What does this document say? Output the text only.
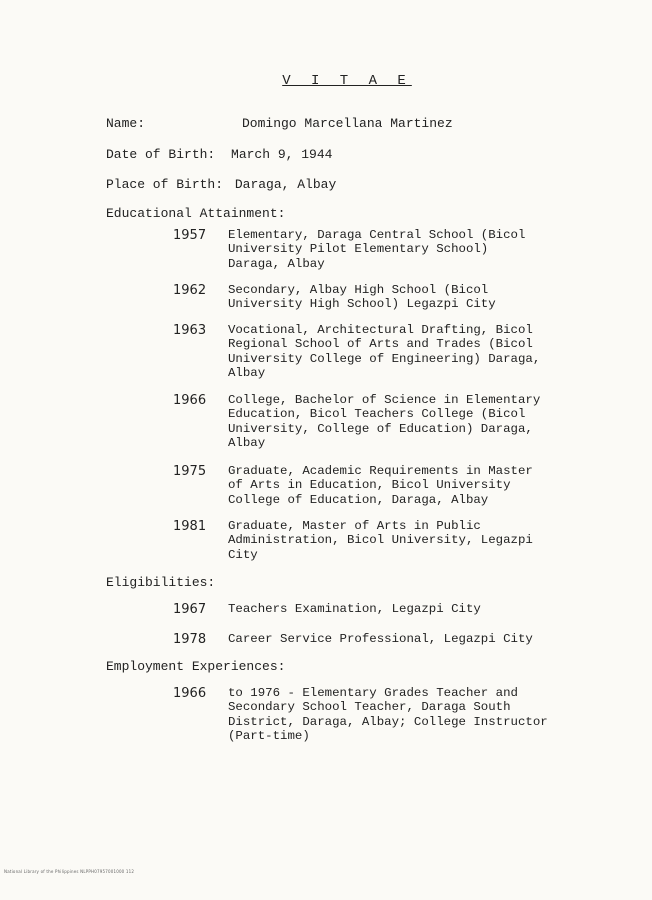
V I T A E
Name:	Domingo Marcellana Martinez
Date of Birth: March 9, 1944
Place of Birth: Daraga, Albay
Educational Attainment:
1957 Elementary, Daraga Central School (Bicol
University Pilot Elementary School)
Daraga, Albay
1962 Secondary, Albay High School (Bicol
University High School) Legazpi City
1963 Vocational, Architectural Drafting, Bicol
Regional School of Arts and Trades (Bicol
University College of Engineering) Daraga,
Albay
1966 College, Bachelor of Science in Elementary
Education, Bicol Teachers College (Bicol
University, College of Education) Daraga,
Albay
1975 Graduate, Academic Requirements in Master
of Arts in Education, Bicol University
College of Education, Daraga, Albay
1981 Graduate, Master of Arts in Public
Administration, Bicol University, Legazpi
City
Eligibilities:
1967 Teachers Examination, Legazpi City
1978 Career Service Professional, Legazpi City
Employment Experiences:
1966 to 1976 - Elementary Grades Teacher and
Secondary School Teacher, Daraga South
District, Daraga, Albay; College Instructor
(Part-time)
National Library of the Philippines NLPPH07957001000 112
